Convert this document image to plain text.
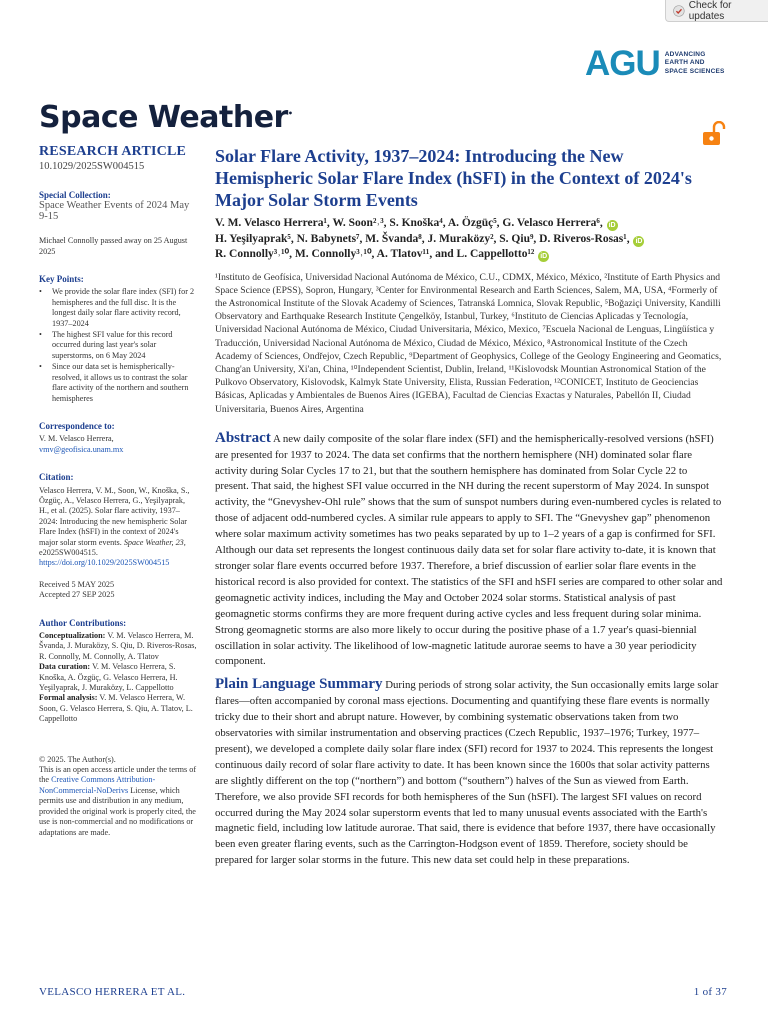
Check for updates
AGU ADVANCING
EARTH AND
SPACE SCIENCES
Space Weather•
RESEARCH ARTICLE
10.1029/2025SW004515
Special Collection:
Space Weather Events of 2024 May 9-15
Michael Connolly passed away on 25 August 2025
Key Points:
• We provide the solar flare index (SFI) for 2 hemispheres and the full disc. It is the longest daily solar flare activity record, 1937–2024
• The highest SFI value for this record occurred during last year's solar superstorms, on 6 May 2024
• Since our data set is hemispherically-resolved, it allows us to contrast the solar flare activity of the northern and southern hemispheres
Correspondence to:
V. M. Velasco Herrera,
vmv@geofisica.unam.mx
Citation:
Velasco Herrera, V. M., Soon, W., Knoška, S., Özgüç, A., Velasco Herrera, G., Yeşilyaprak, H., et al. (2025). Solar flare activity, 1937–2024: Introducing the new hemispheric Solar Flare Index (hSFI) in the context of 2024's major solar storm events. Space Weather, 23, e2025SW004515. https://doi.org/10.1029/2025SW004515
Received 5 MAY 2025
Accepted 27 SEP 2025
Author Contributions:
Conceptualization: V. M. Velasco Herrera, M. Švanda, J. Muraközy, S. Qiu, D. Riveros-Rosas, R. Connolly, M. Connolly, A. Tlatov
Data curation: V. M. Velasco Herrera, S. Knoška, A. Özgüç, G. Velasco Herrera, H. Yeşilyaprak, J. Muraközy, L. Cappellotto
Formal analysis: V. M. Velasco Herrera, W. Soon, G. Velasco Herrera, S. Qiu, A. Tlatov, L. Cappellotto
© 2025. The Author(s).
This is an open access article under the terms of the Creative Commons Attribution-NonCommercial-NoDerivs License, which permits use and distribution in any medium, provided the original work is properly cited, the use is non-commercial and no modifications or adaptations are made.
Solar Flare Activity, 1937–2024: Introducing the New Hemispheric Solar Flare Index (hSFI) in the Context of 2024's Major Solar Storm Events
V. M. Velasco Herrera¹, W. Soon²˒³, S. Knoška⁴, A. Özgüç⁵, G. Velasco Herrera⁶, iD
H. Yeşilyaprak⁵, N. Babynets⁷, M. Švanda⁸, J. Muraközy², S. Qiu⁹, D. Riveros-Rosas¹, iD
R. Connolly³˒¹⁰, M. Connolly³˒¹⁰, A. Tlatov¹¹, and L. Cappellotto¹² iD
¹Instituto de Geofísica, Universidad Nacional Autónoma de México, C.U., CDMX, México, México, ²Institute of Earth Physics and Space Science (EPSS), Sopron, Hungary, ³Center for Environmental Research and Earth Sciences, Salem, MA, USA, ⁴Formerly of the Astronomical Institute of the Slovak Academy of Sciences, Tatranská Lomnica, Slovak Republic, ⁵Boğaziçi University, Kandilli Observatory and Earthquake Research Institute Çengelköy, Istanbul, Turkey, ⁶Instituto de Ciencias Aplicadas y Tecnología, Universidad Nacional Autónoma de México, Ciudad Universitaria, México, Mexico, ⁷Escuela Nacional de Lenguas, Lingüística y Traducción, Universidad Nacional Autónoma de México, Ciudad de México, México, ⁸Astronomical Institute of the Czech Academy of Sciences, Ondřejov, Czech Republic, ⁹Department of Geophysics, College of the Geology Engineering and Geomatics, Chang'an University, Xi'an, China, ¹⁰Independent Scientist, Dublin, Ireland, ¹¹Kislovodsk Mountian Astronomical Station of the Pulkovo Observatory, Kislovodsk, Kalmyk State University, Elista, Russian Federation, ¹²CONICET, Instituto de Geociencias Básicas, Aplicadas y Ambientales de Buenos Aires (IGEBA), Facultad de Ciencias Exactas y Naturales, Pabellón II, Ciudad Universitaria, Buenos Aires, Argentina
Abstract A new daily composite of the solar flare index (SFI) and the hemispherically-resolved versions (hSFI) are presented for 1937 to 2024. The data set confirms that the northern hemisphere (NH) dominated solar flare activity during Solar Cycles 17 to 21, but that the southern hemisphere has dominated from Solar Cycle 22 to present. That said, the highest SFI value occurred in the NH during the recent superstorm of May 2024. In sunspot activity, the “Gnevyshev-Ohl rule” shows that the sum of sunspot numbers during even-numbered cycles is related to those of adjacent odd-numbered cycles. A similar rule appears to apply to SFI. The “Gnevyshev gap” phenomenon where solar maximum activity sometimes has two peaks separated by up to 1–2 years of a gap is confirmed for SFI. Although our data set represents the longest continuous daily data set for solar flare activity to-date, it is known that stronger solar flare events occurred before 1937. Therefore, a brief discussion of earlier solar flare events in the historical record is also provided for context. The statistics of the SFI and hSFI series are compared to other solar and geomagnetic activity indices, including the May and October 2024 solar storms. Statistical analysis of past geomagnetic storms confirms they are more frequent during active cycles and less frequent during solar minima. Strong geomagnetic storms are also more likely to occur during the positive phase of a 1.7 year's quasi-biennial oscillation in solar activity. The likelihood of low-magnetic latitude aurorae seems to have a 30 year periodicity component.
Plain Language Summary During periods of strong solar activity, the Sun occasionally emits large solar flares—often accompanied by coronal mass ejections. Documenting and quantifying these flare events is normally tricky due to their short and abrupt nature. However, by combining systematic observations taken from two observatories with similar instrumentation and observing practices (Czech Republic, 1937–1976; Turkey, 1977–present), we developed a complete daily solar flare index (SFI) record for 1937 to 2024. This represents the longest continuous daily record of solar flare activity to date. It has been known since the 1600s that solar activity patterns are slightly different on the top (“northern”) and bottom (“southern”) halves of the Sun as viewed from Earth. Therefore, we also provide SFI records for both hemispheres of the Sun (hSFI). The largest SFI values on record occurred during the May 2024 solar superstorm events that led to many unusual events associated with the Earth's magnetic field, including low latitude aurorae. That said, there is evidence that before 1937, there have occasionally been even greater flaring events, such as the Carrington-Hodgson event of 1859. Therefore, society should be prepared for larger solar storms in the future. This new data set could help in these preparations.
VELASCO HERRERA ET AL.	1 of 37
